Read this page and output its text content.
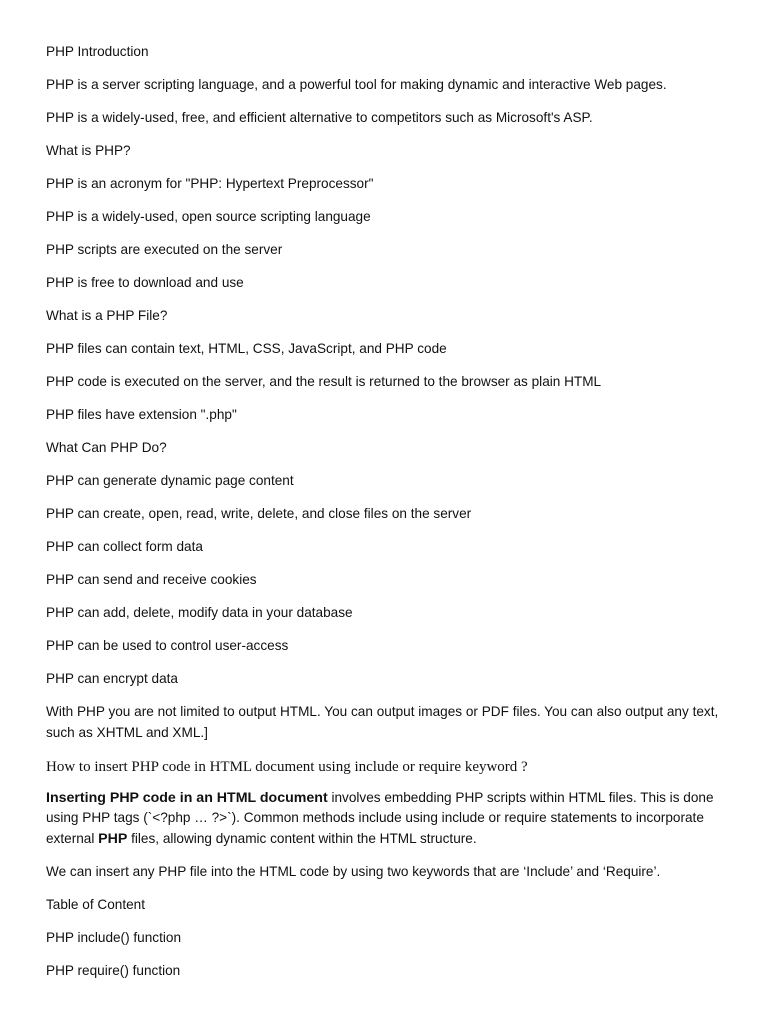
PHP Introduction

PHP is a server scripting language, and a powerful tool for making dynamic and interactive Web pages.

PHP is a widely-used, free, and efficient alternative to competitors such as Microsoft's ASP.

What is PHP?

PHP is an acronym for "PHP: Hypertext Preprocessor"

PHP is a widely-used, open source scripting language

PHP scripts are executed on the server

PHP is free to download and use

What is a PHP File?

PHP files can contain text, HTML, CSS, JavaScript, and PHP code

PHP code is executed on the server, and the result is returned to the browser as plain HTML

PHP files have extension ".php"

What Can PHP Do?

PHP can generate dynamic page content

PHP can create, open, read, write, delete, and close files on the server

PHP can collect form data

PHP can send and receive cookies

PHP can add, delete, modify data in your database

PHP can be used to control user-access

PHP can encrypt data

With PHP you are not limited to output HTML. You can output images or PDF files. You can also output any text, such as XHTML and XML.]

How to insert PHP code in HTML document using include or require keyword ?

Inserting PHP code in an HTML document involves embedding PHP scripts within HTML files. This is done using PHP tags (`<?php … ?>`). Common methods include using include or require statements to incorporate external PHP files, allowing dynamic content within the HTML structure.

We can insert any PHP file into the HTML code by using two keywords that are ‘Include’ and ‘Require’.

Table of Content

PHP include() function

PHP require() function
